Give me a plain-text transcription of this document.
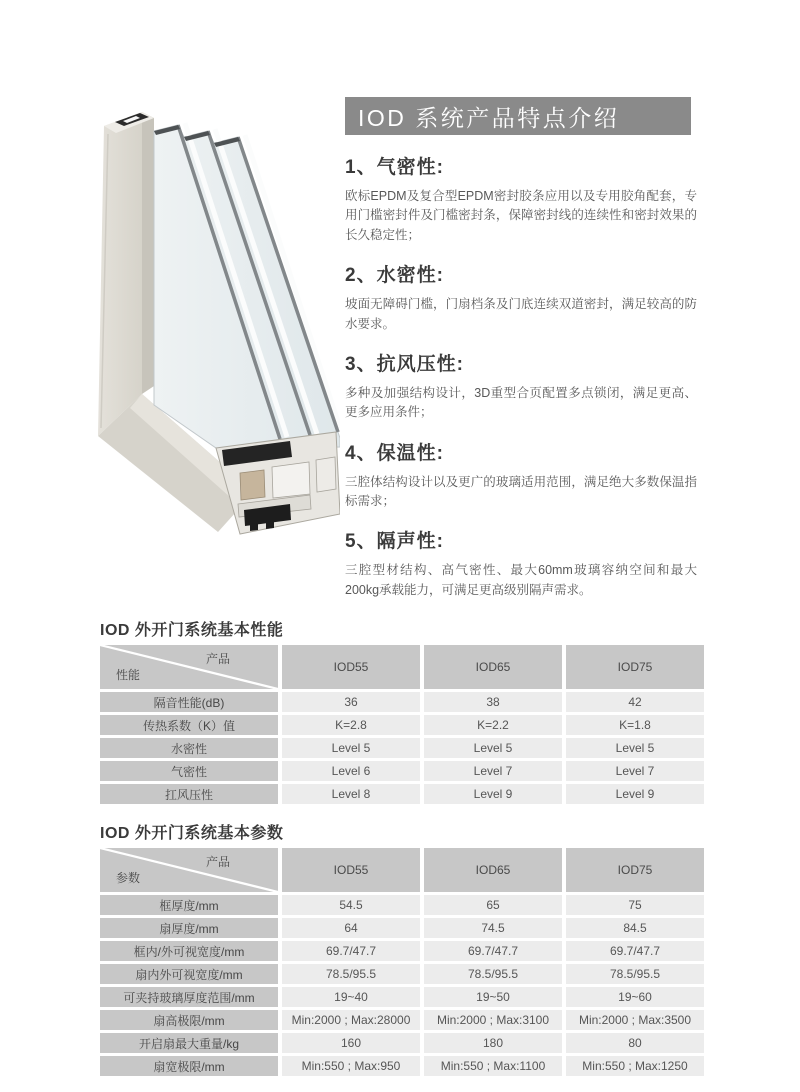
IOD 系统产品特点介绍
1、气密性:
欧标EPDM及复合型EPDM密封胶条应用以及专用胶角配套，专用门槛密封件及门槛密封条，保障密封线的连续性和密封效果的长久稳定性；
2、水密性:
坡面无障碍门槛，门扇档条及门底连续双道密封，满足较高的防水要求。
3、抗风压性:
多种及加强结构设计，3D重型合页配置多点锁闭，满足更高、更多应用条件；
4、保温性:
三腔体结构设计以及更广的玻璃适用范围，满足绝大多数保温指标需求；
5、隔声性:
三腔型材结构、高气密性、最大60mm玻璃容纳空间和最大200kg承载能力，可满足更高级别隔声需求。
IOD 外开门系统基本性能
产品
性能
IOD55	IOD65	IOD75
隔音性能(dB)	36	38	42
传热系数（K）值	K=2.8	K=2.2	K=1.8
水密性	Level 5	Level 5	Level 5
气密性	Level 6	Level 7	Level 7
扛风压性	Level 8	Level 9	Level 9
IOD 外开门系统基本参数
产品
参数
IOD55	IOD65	IOD75
框厚度/mm	54.5	65	75
扇厚度/mm	64	74.5	84.5
框内/外可视宽度/mm	69.7/47.7	69.7/47.7	69.7/47.7
扇内外可视宽度/mm	78.5/95.5	78.5/95.5	78.5/95.5
可夹持玻璃厚度范围/mm	19~40	19~50	19~60
扇高极限/mm	Min:2000 ; Max:28000	Min:2000 ; Max:3100	Min:2000 ; Max:3500
开启扇最大重量/kg	160	180	80
扇宽极限/mm	Min:550 ; Max:950	Min:550 ; Max:1100	Min:550 ; Max:1250
